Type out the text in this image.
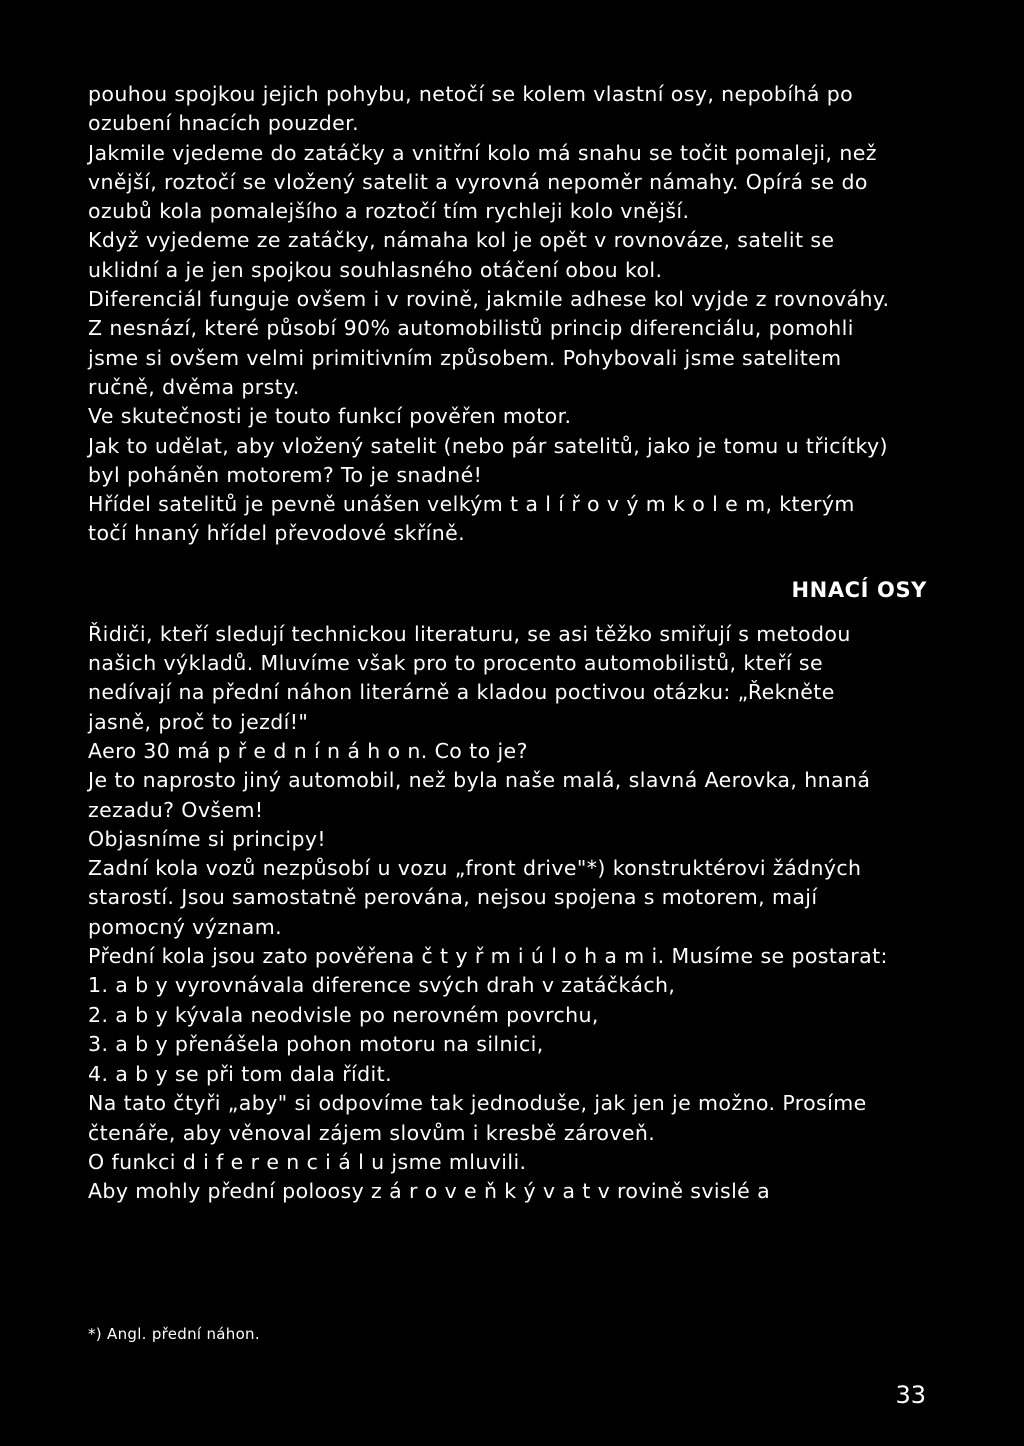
pouhou spojkou jejich pohybu, netočí se kolem vlastní osy, nepobíhá po ozubení hnacích pouzder.

Jakmile vjedeme do zatáčky a vnitřní kolo má snahu se točit pomaleji, než vnější, roztočí se vložený satelit a vyrovná nepoměr námahy. Opírá se do ozubů kola pomalejšího a roztočí tím rychleji kolo vnější.

Když vyjedeme ze zatáčky, námaha kol je opět v rovnováze, satelit se uklidní a je jen spojkou souhlasného otáčení obou kol.

Diferenciál funguje ovšem i v rovině, jakmile adhese kol vyjde z rovnováhy.

Z nesnází, které působí 90% automobilistů princip diferenciálu, pomohli jsme si ovšem velmi primitivním způsobem. Pohybovali jsme satelitem ručně, dvěma prsty.

Ve skutečnosti je touto funkcí pověřen motor.

Jak to udělat, aby vložený satelit (nebo pár satelitů, jako je tomu u třicítky) byl poháněn motorem? To je snadné!

Hřídel satelitů je pevně unášen velkým t a l í ř o v ý m k o l e m, kterým točí hnaný hřídel převodové skříně.

HNACÍ OSY

Řidiči, kteří sledují technickou literaturu, se asi těžko smiřují s metodou našich výkladů. Mluvíme však pro to procento automobilistů, kteří se nedívají na přední náhon literárně a kladou poctivou otázku: „Řekněte jasně, proč to jezdí!"

Aero 30 má p ř e d n í n á h o n. Co to je?

Je to naprosto jiný automobil, než byla naše malá, slavná Aerovka, hnaná zezadu? Ovšem!

Objasníme si principy!

Zadní kola vozů nezpůsobí u vozu „front drive"*) konstruktérovi žádných starostí. Jsou samostatně perována, nejsou spojena s motorem, mají pomocný význam.

Přední kola jsou zato pověřena č t y ř m i ú l o h a m i. Musíme se postarat:

1. a b y vyrovnávala diference svých drah v zatáčkách,

2. a b y kývala neodvisle po nerovném povrchu,

3. a b y přenášela pohon motoru na silnici,

4. a b y se při tom dala řídit.

Na tato čtyři „aby" si odpovíme tak jednoduše, jak jen je možno. Prosíme čtenáře, aby věnoval zájem slovům i kresbě zároveň.

O funkci d i f e r e n c i á l u jsme mluvili.

Aby mohly přední poloosy z á r o v e ň k ý v a t v rovině svislé a

*) Angl. přední náhon.

33
